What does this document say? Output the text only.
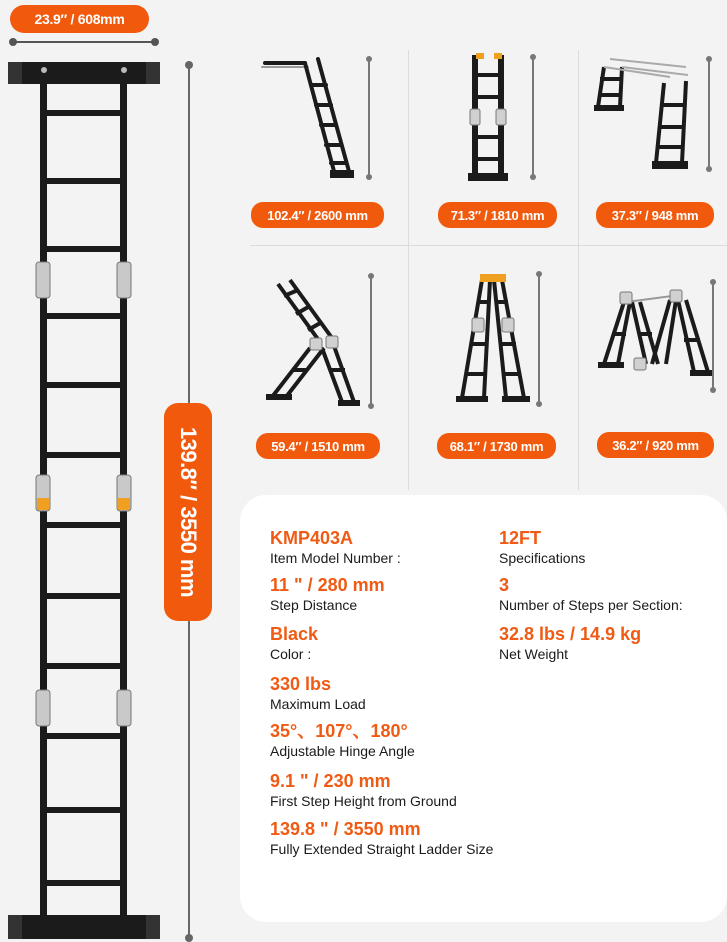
23.9″ / 608mm
139.8″ / 3550 mm
102.4″ / 2600 mm	71.3″ / 1810 mm	37.3″ / 948 mm
59.4″ / 1510 mm	68.1″ / 1730 mm	36.2″ / 920 mm
KMP403A
Item Model Number :
12FT
Specifications
11 " / 280 mm
Step Distance
3
Number of Steps per Section:
Black
Color :
32.8 lbs / 14.9 kg
Net Weight
330 lbs
Maximum Load
35°、107°、180°
Adjustable Hinge Angle
9.1 " / 230 mm
First Step Height from Ground
139.8 " / 3550 mm
Fully Extended Straight Ladder Size
